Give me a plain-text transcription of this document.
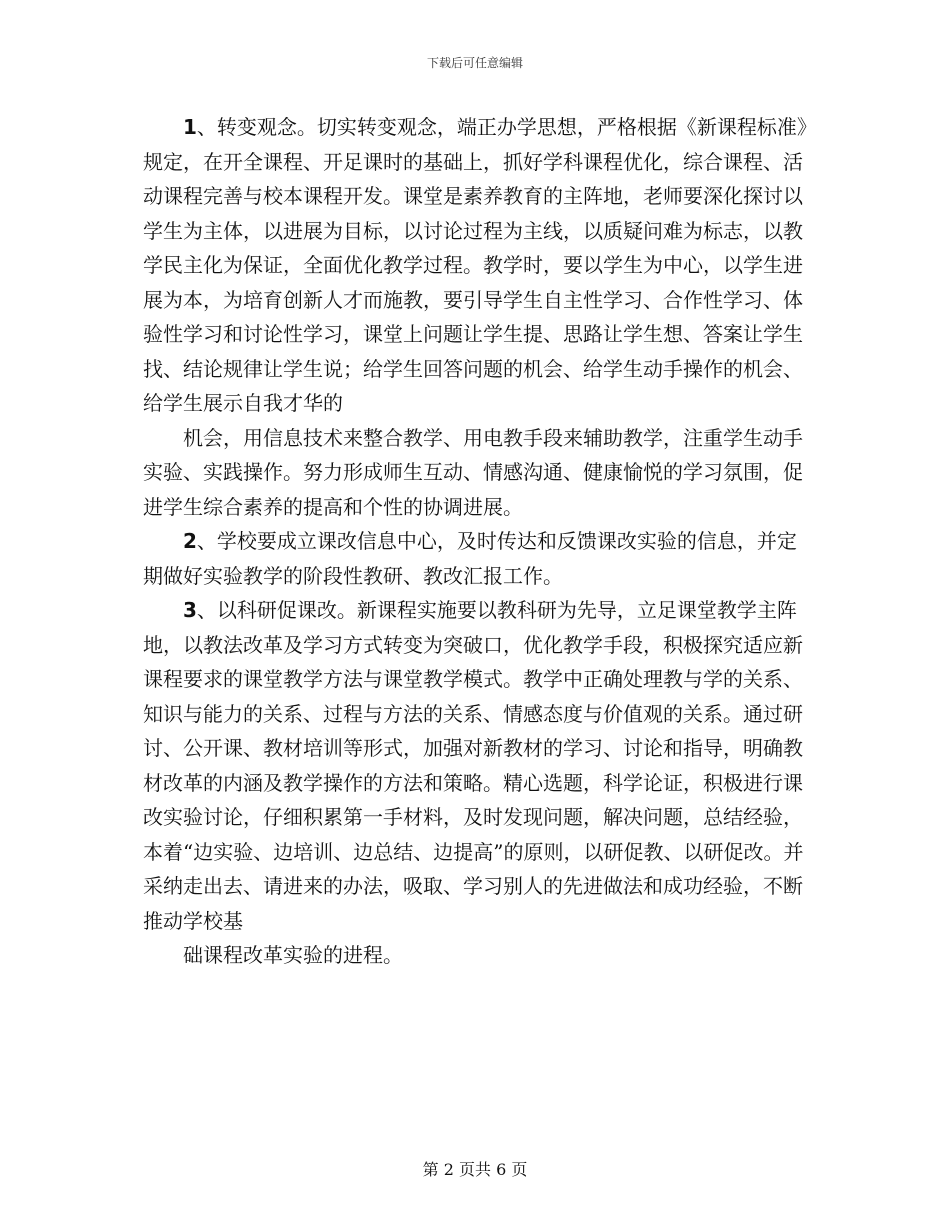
下载后可任意编辑

1、转变观念。切实转变观念，端正办学思想，严格根据《新课程标准》规定，在开全课程、开足课时的基础上，抓好学科课程优化，综合课程、活动课程完善与校本课程开发。课堂是素养教育的主阵地，老师要深化探讨以学生为主体，以进展为目标，以讨论过程为主线，以质疑问难为标志，以教学民主化为保证，全面优化教学过程。教学时，要以学生为中心，以学生进展为本，为培育创新人才而施教，要引导学生自主性学习、合作性学习、体验性学习和讨论性学习，课堂上问题让学生提、思路让学生想、答案让学生找、结论规律让学生说；给学生回答问题的机会、给学生动手操作的机会、给学生展示自我才华的

机会，用信息技术来整合教学、用电教手段来辅助教学，注重学生动手实验、实践操作。努力形成师生互动、情感沟通、健康愉悦的学习氛围，促进学生综合素养的提高和个性的协调进展。

2、学校要成立课改信息中心，及时传达和反馈课改实验的信息，并定期做好实验教学的阶段性教研、教改汇报工作。

3、以科研促课改。新课程实施要以教科研为先导，立足课堂教学主阵地，以教法改革及学习方式转变为突破口，优化教学手段，积极探究适应新课程要求的课堂教学方法与课堂教学模式。教学中正确处理教与学的关系、知识与能力的关系、过程与方法的关系、情感态度与价值观的关系。通过研讨、公开课、教材培训等形式，加强对新教材的学习、讨论和指导，明确教材改革的内涵及教学操作的方法和策略。精心选题，科学论证，积极进行课改实验讨论，仔细积累第一手材料，及时发现问题，解决问题，总结经验，本着“边实验、边培训、边总结、边提高”的原则，以研促教、以研促改。并采纳走出去、请进来的办法，吸取、学习别人的先进做法和成功经验，不断推动学校基

础课程改革实验的进程。

第 2 页共 6 页
